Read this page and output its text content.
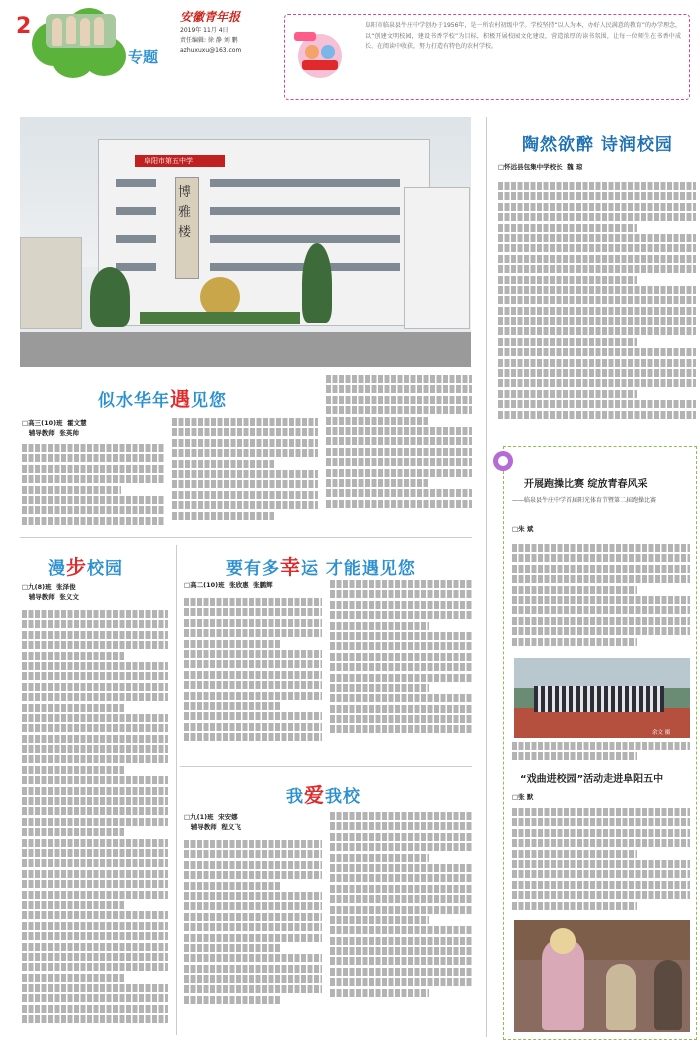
2
专题
安徽青年报
2019年 11月 4日
责任编辑: 徐 静 刘 鹏
azhuxuxu@163.com
阜阳市临泉县牛庄中学创办于1956年，是一所农村初级中学。学校坚持“以人为本，办好人民满意的教育”的办学理念，以“创建文明校园，建设书香学校”为目标，积极开展校园文化建设，营造浓厚的读书氛围，让每一位师生在书香中成长、在阅读中收获，努力打造有特色的农村学校。
阜阳市第五中学
博雅楼
似水华年遇见您
□高三(10)班  霍文慧
辅导教师  张英帅
漫步校园
□九(8)班  张泽俊
辅导教师  张义文
要有多幸运 才能遇见您
□高二(10)班  张欣惠  张鹏辉
我爱我校
□九(1)班  宋安娜
辅导教师  程义飞
陶然欲醉 诗润校园
□怀远县包集中学校长  魏 琼
开展跑操比赛 绽放青春风采
——临泉县牛庄中学首届阳光体育节暨第二届跑操比赛
□朱 斌
余文 摄
“戏曲进校园”活动走进阜阳五中
□张 默
